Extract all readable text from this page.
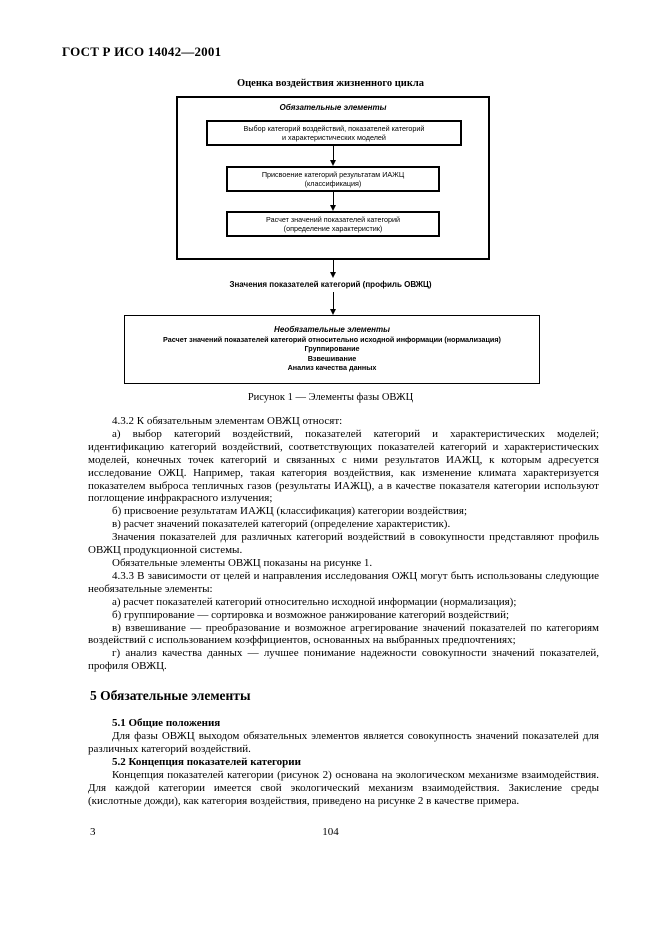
ГОСТ Р ИСО 14042—2001
Оценка воздействия жизненного цикла
Обязательные элементы
Выбор категорий воздействий, показателей категорий
и характеристических моделей
Присвоение категорий результатам ИАЖЦ
(классификация)
Расчет значений показателей категорий
(определение характеристик)
Значения показателей категорий (профиль ОВЖЦ)
Необязательные элементы
Расчет значений показателей категорий относительно исходной информации (нормализация)
Группирование
Взвешивание
Анализ качества данных
Рисунок 1 — Элементы фазы ОВЖЦ

4.3.2 К обязательным элементам ОВЖЦ относят:

а) выбор категорий воздействий, показателей категорий и характеристических моделей; идентификацию категорий воздействий, соответствующих показателей категорий и характеристических моделей, конечных точек категорий и связанных с ними результатов ИАЖЦ, к которым адресуется исследование ОЖЦ. Например, такая категория воздействия, как изменение климата характеризуется показателем выброса тепличных газов (результаты ИАЖЦ), а в качестве показателя категории используют поглощение инфракрасного излучения;

б) присвоение результатам ИАЖЦ (классификация) категории воздействия;

в) расчет значений показателей категорий (определение характеристик).

Значения показателей для различных категорий воздействий в совокупности представляют профиль ОВЖЦ продукционной системы.

Обязательные элементы ОВЖЦ показаны на рисунке 1.

4.3.3 В зависимости от целей и направления исследования ОЖЦ могут быть использованы следующие необязательные элементы:

а) расчет показателей категорий относительно исходной информации (нормализация);

б) группирование — сортировка и возможное ранжирование категорий воздействий;

в) взвешивание — преобразование и возможное агрегирование значений показателей по категориям воздействий с использованием коэффициентов, основанных на выбранных предпочтениях;

г) анализ качества данных — лучшее понимание надежности совокупности значений показателей, профиля ОВЖЦ.

5 Обязательные элементы
5.1 Общие положения

Для фазы ОВЖЦ выходом обязательных элементов является совокупность значений показателей для различных категорий воздействий.

5.2 Концепция показателей категории

Концепция показателей категории (рисунок 2) основана на экологическом механизме взаимодействия. Для каждой категории имеется свой экологический механизм взаимодействия. Закисление среды (кислотные дожди), как категория воздействия, приведено на рисунке 2 в качестве примера.

3	104
